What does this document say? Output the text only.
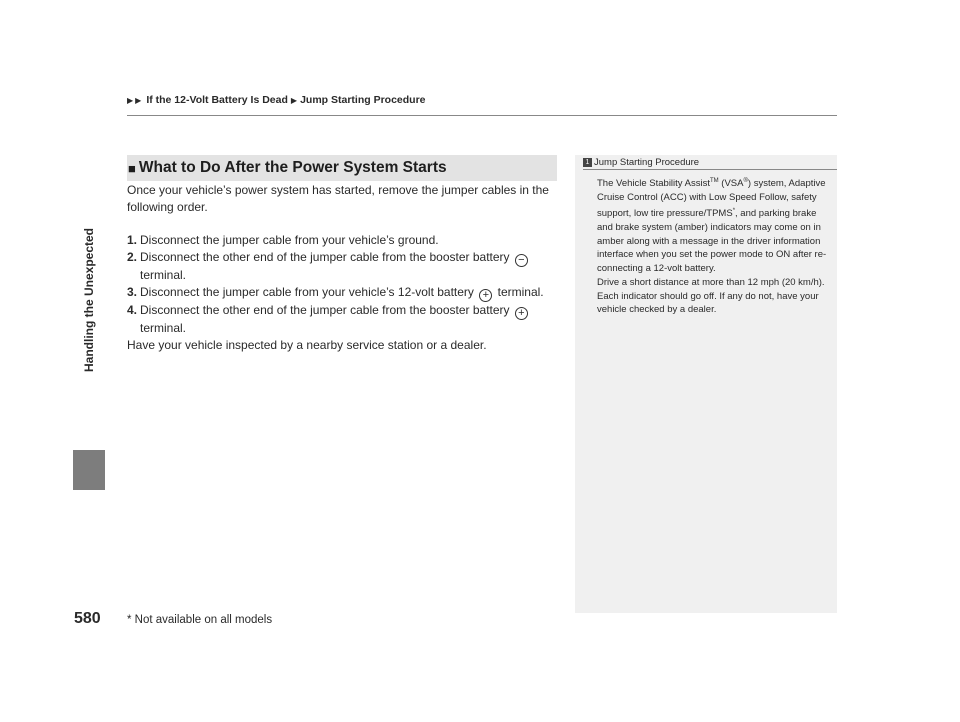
▶ ▶ If the 12-Volt Battery Is Dead ▶ Jump Starting Procedure
Handling the Unexpected
■ What to Do After the Power System Starts

Once your vehicle’s power system has started, remove the jumper cables in the following order.

1. Disconnect the jumper cable from your vehicle’s ground.
2. Disconnect the other end of the jumper cable from the booster battery − terminal.
3. Disconnect the jumper cable from your vehicle’s 12-volt battery + terminal.
4. Disconnect the other end of the jumper cable from the booster battery + terminal.

Have your vehicle inspected by a nearby service station or a dealer.

1 Jump Starting Procedure

The Vehicle Stability Assist™ (VSA®) system, Adaptive Cruise Control (ACC) with Low Speed Follow, safety support, low tire pressure/TPMS*, and parking brake and brake system (amber) indicators may come on in amber along with a message in the driver information interface when you set the power mode to ON after re-connecting a 12-volt battery.

Drive a short distance at more than 12 mph (20 km/h). Each indicator should go off. If any do not, have your vehicle checked by a dealer.

580 * Not available on all models
